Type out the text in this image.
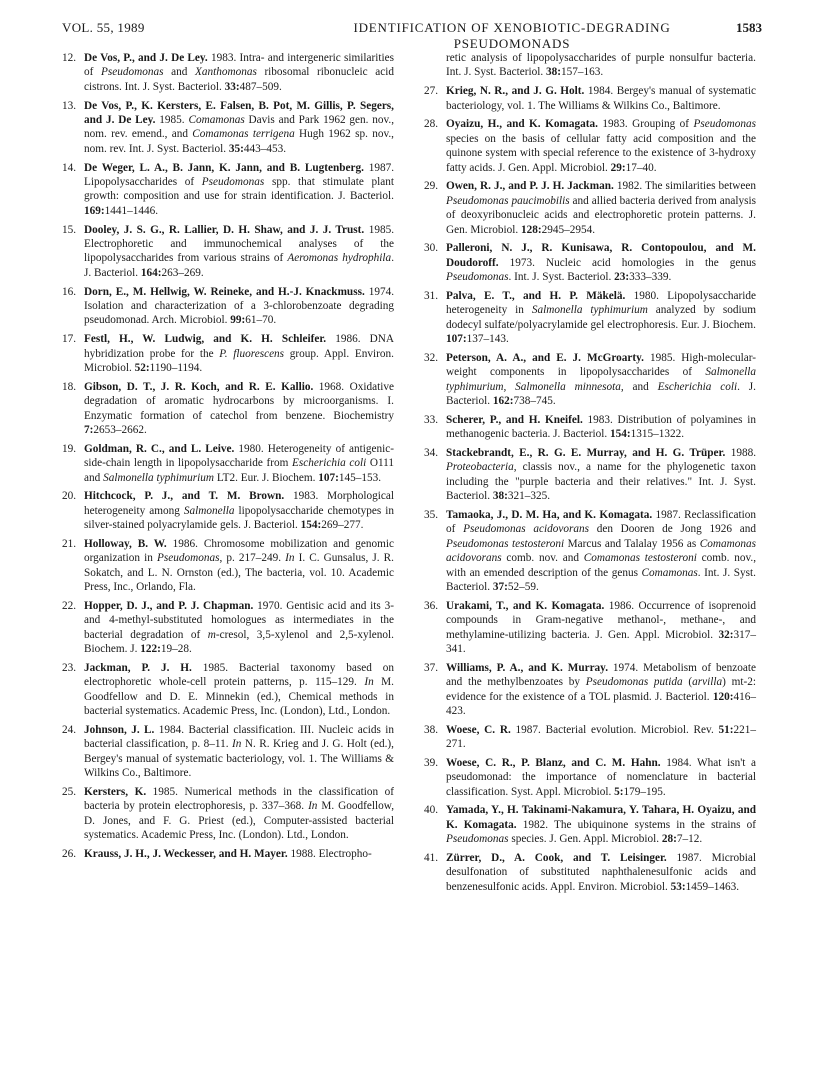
VOL. 55, 1989	IDENTIFICATION OF XENOBIOTIC-DEGRADING PSEUDOMONADS
1583
12. De Vos, P., and J. De Ley. 1983. Intra- and intergeneric similarities of Pseudomonas and Xanthomonas ribosomal ribonucleic acid cistrons. Int. J. Syst. Bacteriol. 33:487–509.
13. De Vos, P., K. Kersters, E. Falsen, B. Pot, M. Gillis, P. Segers, and J. De Ley. 1985. Comamonas Davis and Park 1962 gen. nov., nom. rev. emend., and Comamonas terrigena Hugh 1962 sp. nov., nom. rev. Int. J. Syst. Bacteriol. 35:443–453.
14. De Weger, L. A., B. Jann, K. Jann, and B. Lugtenberg. 1987. Lipopolysaccharides of Pseudomonas spp. that stimulate plant growth: composition and use for strain identification. J. Bacteriol. 169:1441–1446.
15. Dooley, J. S. G., R. Lallier, D. H. Shaw, and J. J. Trust. 1985. Electrophoretic and immunochemical analyses of the lipopolysaccharides from various strains of Aeromonas hydrophila. J. Bacteriol. 164:263–269.
16. Dorn, E., M. Hellwig, W. Reineke, and H.-J. Knackmuss. 1974. Isolation and characterization of a 3-chlorobenzoate degrading pseudomonad. Arch. Microbiol. 99:61–70.
17. Festl, H., W. Ludwig, and K. H. Schleifer. 1986. DNA hybridization probe for the P. fluorescens group. Appl. Environ. Microbiol. 52:1190–1194.
18. Gibson, D. T., J. R. Koch, and R. E. Kallio. 1968. Oxidative degradation of aromatic hydrocarbons by microorganisms. I. Enzymatic formation of catechol from benzene. Biochemistry 7:2653–2662.
19. Goldman, R. C., and L. Leive. 1980. Heterogeneity of antigenic-side-chain length in lipopolysaccharide from Escherichia coli O111 and Salmonella typhimurium LT2. Eur. J. Biochem. 107:145–153.
20. Hitchcock, P. J., and T. M. Brown. 1983. Morphological heterogeneity among Salmonella lipopolysaccharide chemotypes in silver-stained polyacrylamide gels. J. Bacteriol. 154:269–277.
21. Holloway, B. W. 1986. Chromosome mobilization and genomic organization in Pseudomonas, p. 217–249. In I. C. Gunsalus, J. R. Sokatch, and L. N. Ornston (ed.), The bacteria, vol. 10. Academic Press, Inc., Orlando, Fla.
22. Hopper, D. J., and P. J. Chapman. 1970. Gentisic acid and its 3- and 4-methyl-substituted homologues as intermediates in the bacterial degradation of m-cresol, 3,5-xylenol and 2,5-xylenol. Biochem. J. 122:19–28.
23. Jackman, P. J. H. 1985. Bacterial taxonomy based on electrophoretic whole-cell protein patterns, p. 115–129. In M. Goodfellow and D. E. Minnekin (ed.), Chemical methods in bacterial systematics. Academic Press, Inc. (London), Ltd., London.
24. Johnson, J. L. 1984. Bacterial classification. III. Nucleic acids in bacterial classification, p. 8–11. In N. R. Krieg and J. G. Holt (ed.), Bergey's manual of systematic bacteriology, vol. 1. The Williams & Wilkins Co., Baltimore.
25. Kersters, K. 1985. Numerical methods in the classification of bacteria by protein electrophoresis, p. 337–368. In M. Goodfellow, D. Jones, and F. G. Priest (ed.), Computer-assisted bacterial systematics. Academic Press, Inc. (London). Ltd., London.
26. Krauss, J. H., J. Weckesser, and H. Mayer. 1988. Electropho-
retic analysis of lipopolysaccharides of purple nonsulfur bacteria. Int. J. Syst. Bacteriol. 38:157–163.
27. Krieg, N. R., and J. G. Holt. 1984. Bergey's manual of systematic bacteriology, vol. 1. The Williams & Wilkins Co., Baltimore.
28. Oyaizu, H., and K. Komagata. 1983. Grouping of Pseudomonas species on the basis of cellular fatty acid composition and the quinone system with special reference to the existence of 3-hydroxy fatty acids. J. Gen. Appl. Microbiol. 29:17–40.
29. Owen, R. J., and P. J. H. Jackman. 1982. The similarities between Pseudomonas paucimobilis and allied bacteria derived from analysis of deoxyribonucleic acids and electrophoretic protein patterns. J. Gen. Microbiol. 128:2945–2954.
30. Palleroni, N. J., R. Kunisawa, R. Contopoulou, and M. Doudoroff. 1973. Nucleic acid homologies in the genus Pseudomonas. Int. J. Syst. Bacteriol. 23:333–339.
31. Palva, E. T., and H. P. Mäkelä. 1980. Lipopolysaccharide heterogeneity in Salmonella typhimurium analyzed by sodium dodecyl sulfate/polyacrylamide gel electrophoresis. Eur. J. Biochem. 107:137–143.
32. Peterson, A. A., and E. J. McGroarty. 1985. High-molecular-weight components in lipopolysaccharides of Salmonella typhimurium, Salmonella minnesota, and Escherichia coli. J. Bacteriol. 162:738–745.
33. Scherer, P., and H. Kneifel. 1983. Distribution of polyamines in methanogenic bacteria. J. Bacteriol. 154:1315–1322.
34. Stackebrandt, E., R. G. E. Murray, and H. G. Trüper. 1988. Proteobacteria, classis nov., a name for the phylogenetic taxon including the "purple bacteria and their relatives." Int. J. Syst. Bacteriol. 38:321–325.
35. Tamaoka, J., D. M. Ha, and K. Komagata. 1987. Reclassification of Pseudomonas acidovorans den Dooren de Jong 1926 and Pseudomonas testosteroni Marcus and Talalay 1956 as Comamonas acidovorans comb. nov. and Comamonas testosteroni comb. nov., with an emended description of the genus Comamonas. Int. J. Syst. Bacteriol. 37:52–59.
36. Urakami, T., and K. Komagata. 1986. Occurrence of isoprenoid compounds in Gram-negative methanol-, methane-, and methylamine-utilizing bacteria. J. Gen. Appl. Microbiol. 32:317–341.
37. Williams, P. A., and K. Murray. 1974. Metabolism of benzoate and the methylbenzoates by Pseudomonas putida (arvilla) mt-2: evidence for the existence of a TOL plasmid. J. Bacteriol. 120:416–423.
38. Woese, C. R. 1987. Bacterial evolution. Microbiol. Rev. 51:221–271.
39. Woese, C. R., P. Blanz, and C. M. Hahn. 1984. What isn't a pseudomonad: the importance of nomenclature in bacterial classification. Syst. Appl. Microbiol. 5:179–195.
40. Yamada, Y., H. Takinami-Nakamura, Y. Tahara, H. Oyaizu, and K. Komagata. 1982. The ubiquinone systems in the strains of Pseudomonas species. J. Gen. Appl. Microbiol. 28:7–12.
41. Zürrer, D., A. Cook, and T. Leisinger. 1987. Microbial desulfonation of substituted naphthalenesulfonic acids and benzenesulfonic acids. Appl. Environ. Microbiol. 53:1459–1463.
